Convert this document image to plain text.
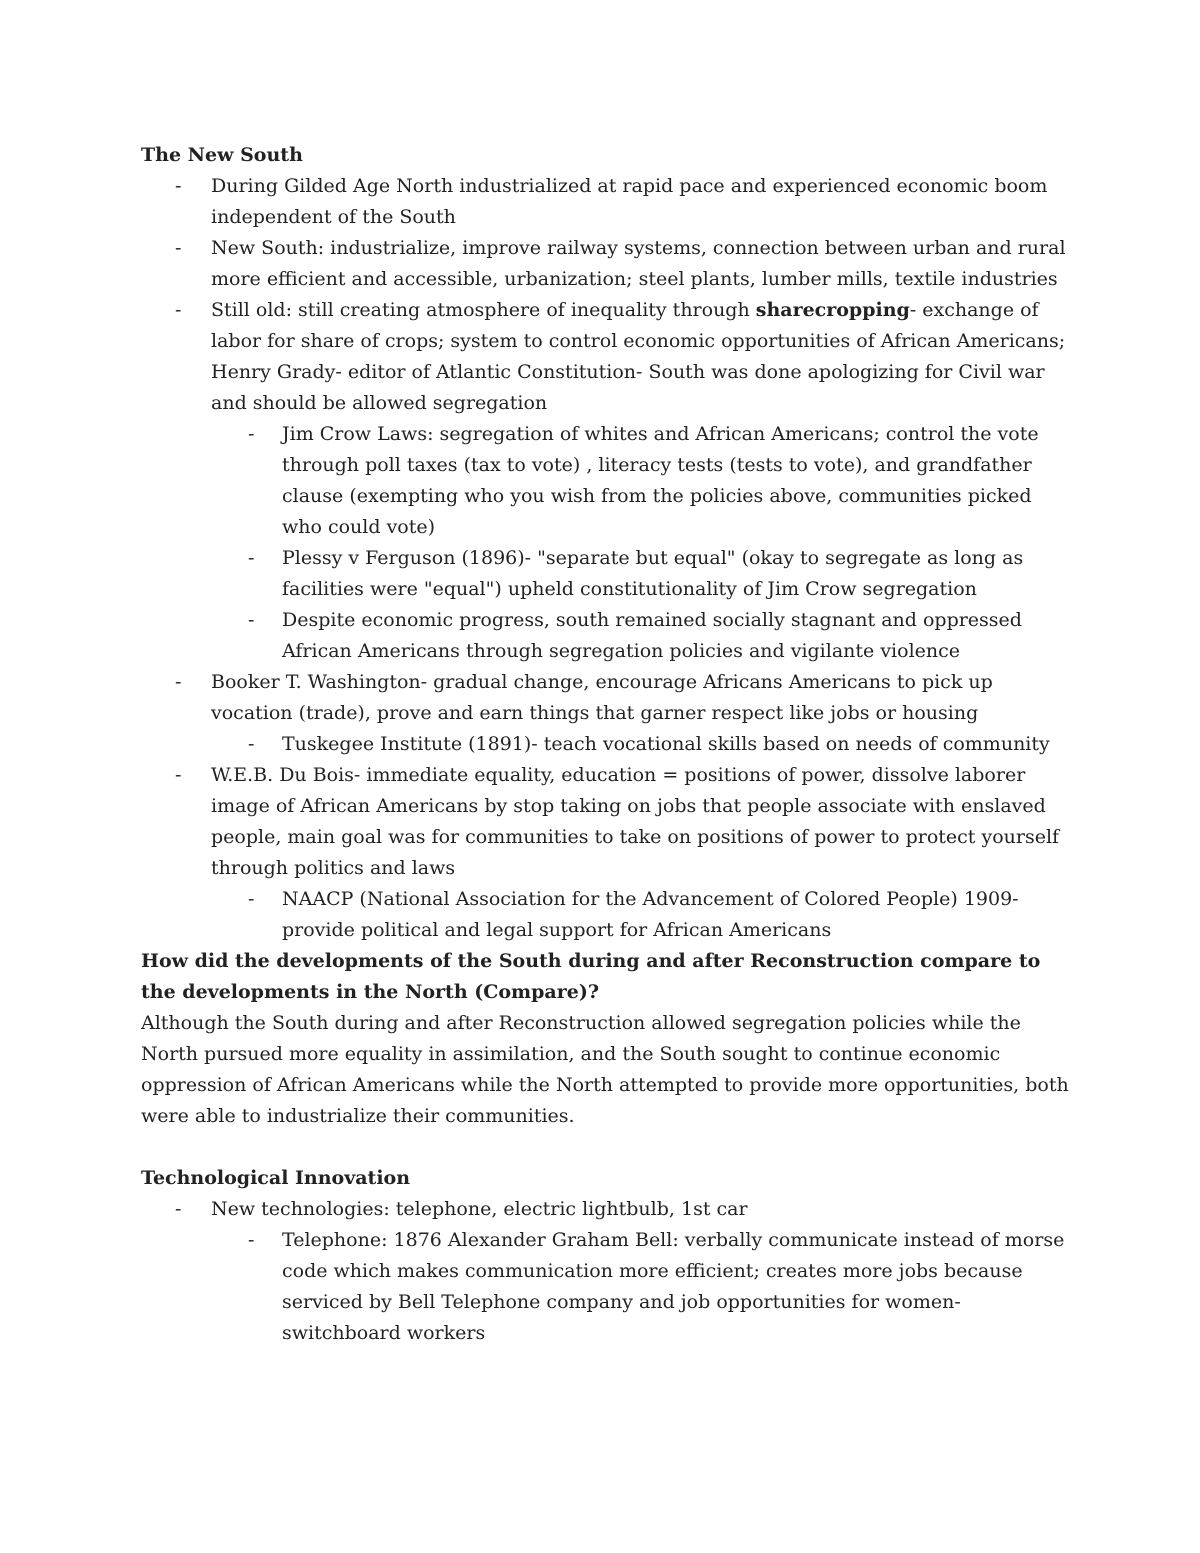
The New South

- During Gilded Age North industrialized at rapid pace and experienced economic boom independent of the South
- New South: industrialize, improve railway systems, connection between urban and rural more efficient and accessible, urbanization; steel plants, lumber mills, textile industries
- Still old: still creating atmosphere of inequality through sharecropping- exchange of labor for share of crops; system to control economic opportunities of African Americans; Henry Grady- editor of Atlantic Constitution- South was done apologizing for Civil war and should be allowed segregation
- Jim Crow Laws: segregation of whites and African Americans; control the vote through poll taxes (tax to vote) , literacy tests (tests to vote), and grandfather clause (exempting who you wish from the policies above, communities picked who could vote)
- Plessy v Ferguson (1896)- "separate but equal" (okay to segregate as long as facilities were "equal") upheld constitutionality of Jim Crow segregation
- Despite economic progress, south remained socially stagnant and oppressed African Americans through segregation policies and vigilante violence
- Booker T. Washington- gradual change, encourage Africans Americans to pick up vocation (trade), prove and earn things that garner respect like jobs or housing
- Tuskegee Institute (1891)- teach vocational skills based on needs of community
- W.E.B. Du Bois- immediate equality, education = positions of power, dissolve laborer image of African Americans by stop taking on jobs that people associate with enslaved people, main goal was for communities to take on positions of power to protect yourself through politics and laws
- NAACP (National Association for the Advancement of Colored People) 1909- provide political and legal support for African Americans

How did the developments of the South during and after Reconstruction compare to the developments in the North (Compare)?

Although the South during and after Reconstruction allowed segregation policies while the North pursued more equality in assimilation, and the South sought to continue economic oppression of African Americans while the North attempted to provide more opportunities, both were able to industrialize their communities.

Technological Innovation

- New technologies: telephone, electric lightbulb, 1st car
- Telephone: 1876 Alexander Graham Bell: verbally communicate instead of morse code which makes communication more efficient; creates more jobs because serviced by Bell Telephone company and job opportunities for women- switchboard workers
